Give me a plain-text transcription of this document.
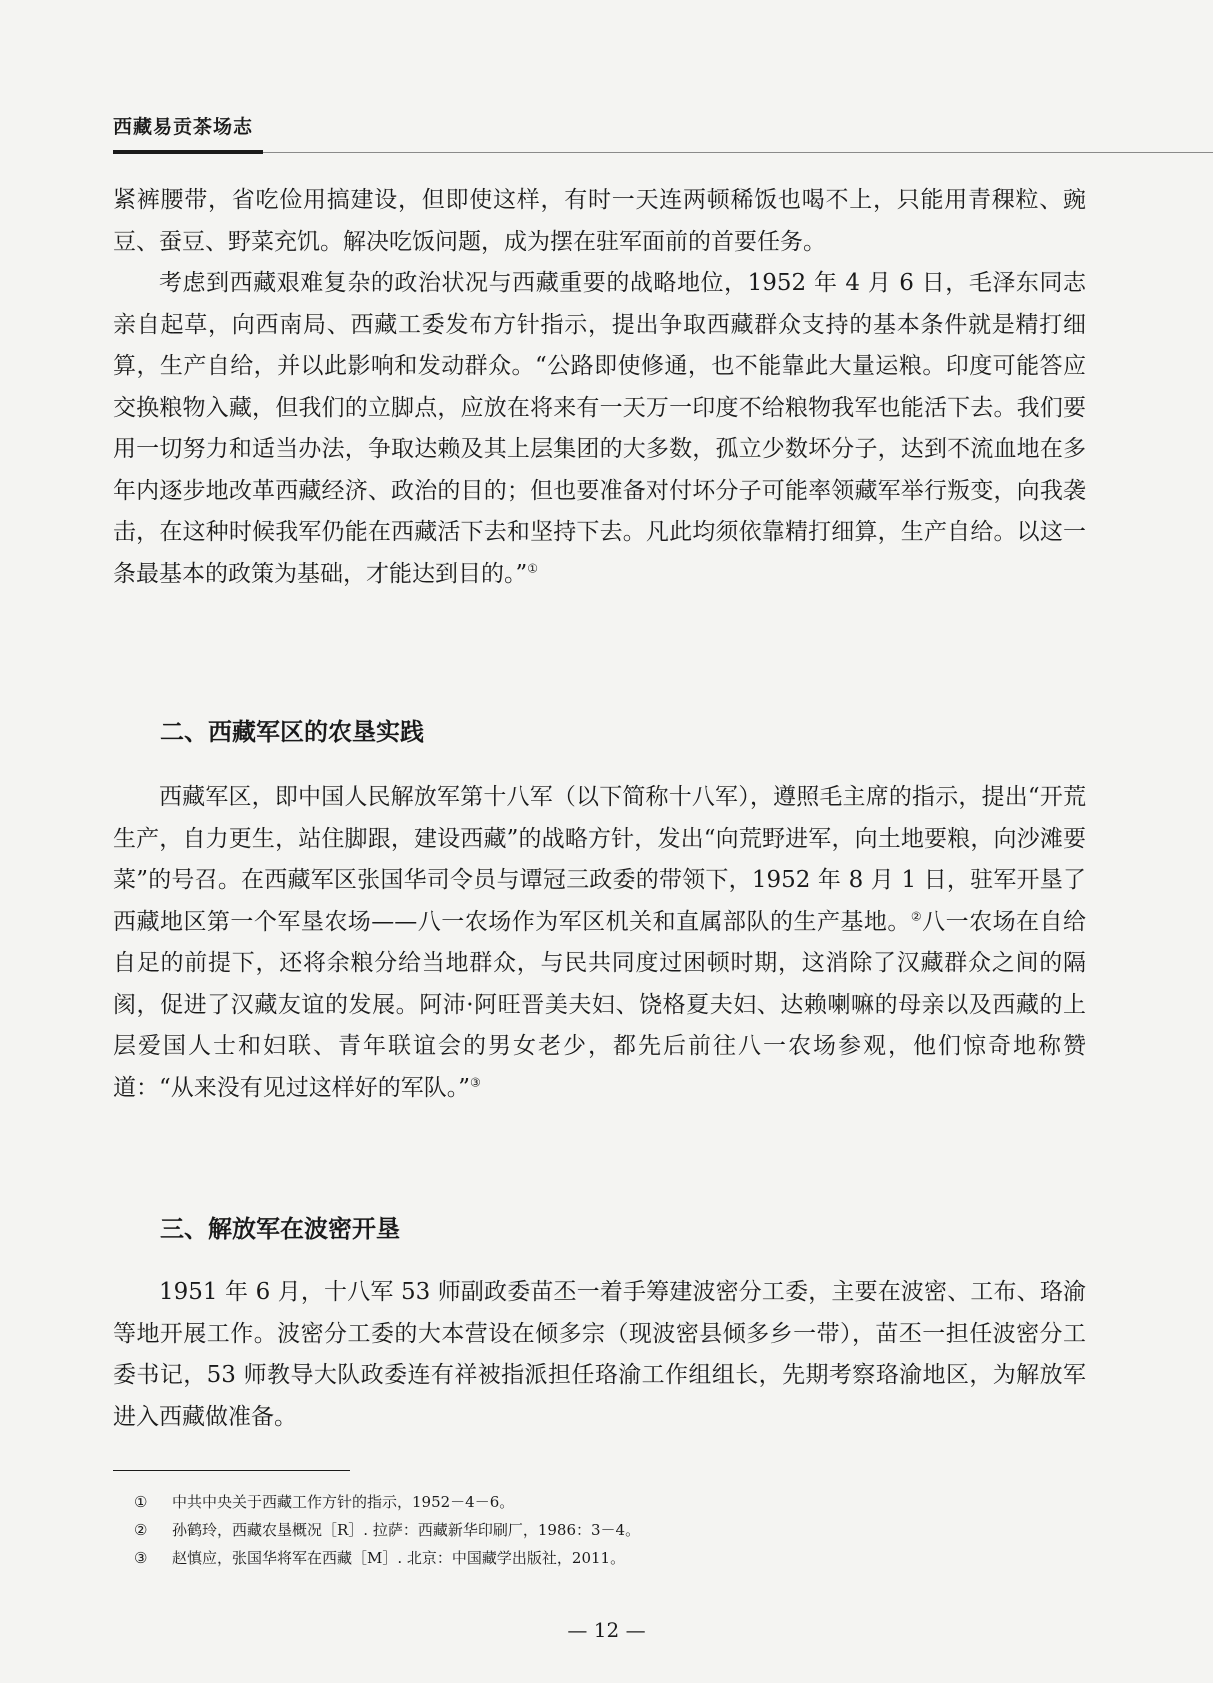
西藏易贡茶场志

紧裤腰带，省吃俭用搞建设，但即使这样，有时一天连两顿稀饭也喝不上，只能用青稞粒、豌豆、蚕豆、野菜充饥。解决吃饭问题，成为摆在驻军面前的首要任务。

考虑到西藏艰难复杂的政治状况与西藏重要的战略地位，1952 年 4 月 6 日，毛泽东同志亲自起草，向西南局、西藏工委发布方针指示，提出争取西藏群众支持的基本条件就是精打细算，生产自给，并以此影响和发动群众。“公路即使修通，也不能靠此大量运粮。印度可能答应交换粮物入藏，但我们的立脚点，应放在将来有一天万一印度不给粮物我军也能活下去。我们要用一切努力和适当办法，争取达赖及其上层集团的大多数，孤立少数坏分子，达到不流血地在多年内逐步地改革西藏经济、政治的目的；但也要准备对付坏分子可能率领藏军举行叛变，向我袭击，在这种时候我军仍能在西藏活下去和坚持下去。凡此均须依靠精打细算，生产自给。以这一条最基本的政策为基础，才能达到目的。”①

二、西藏军区的农垦实践

西藏军区，即中国人民解放军第十八军（以下简称十八军），遵照毛主席的指示，提出“开荒生产，自力更生，站住脚跟，建设西藏”的战略方针，发出“向荒野进军，向土地要粮，向沙滩要菜”的号召。在西藏军区张国华司令员与谭冠三政委的带领下，1952 年 8 月 1 日，驻军开垦了西藏地区第一个军垦农场——八一农场作为军区机关和直属部队的生产基地。②八一农场在自给自足的前提下，还将余粮分给当地群众，与民共同度过困顿时期，这消除了汉藏群众之间的隔阂，促进了汉藏友谊的发展。阿沛·阿旺晋美夫妇、饶格夏夫妇、达赖喇嘛的母亲以及西藏的上层爱国人士和妇联、青年联谊会的男女老少，都先后前往八一农场参观，他们惊奇地称赞道：“从来没有见过这样好的军队。”③

三、解放军在波密开垦

1951 年 6 月，十八军 53 师副政委苗丕一着手筹建波密分工委，主要在波密、工布、珞渝等地开展工作。波密分工委的大本营设在倾多宗（现波密县倾多乡一带），苗丕一担任波密分工委书记，53 师教导大队政委连有祥被指派担任珞渝工作组组长，先期考察珞渝地区，为解放军进入西藏做准备。

① 中共中央关于西藏工作方针的指示，1952－4－6。
② 孙鹤玲，西藏农垦概况［R］. 拉萨：西藏新华印刷厂，1986：3－4。
③ 赵慎应，张国华将军在西藏［M］. 北京：中国藏学出版社，2011。
— 12 —
